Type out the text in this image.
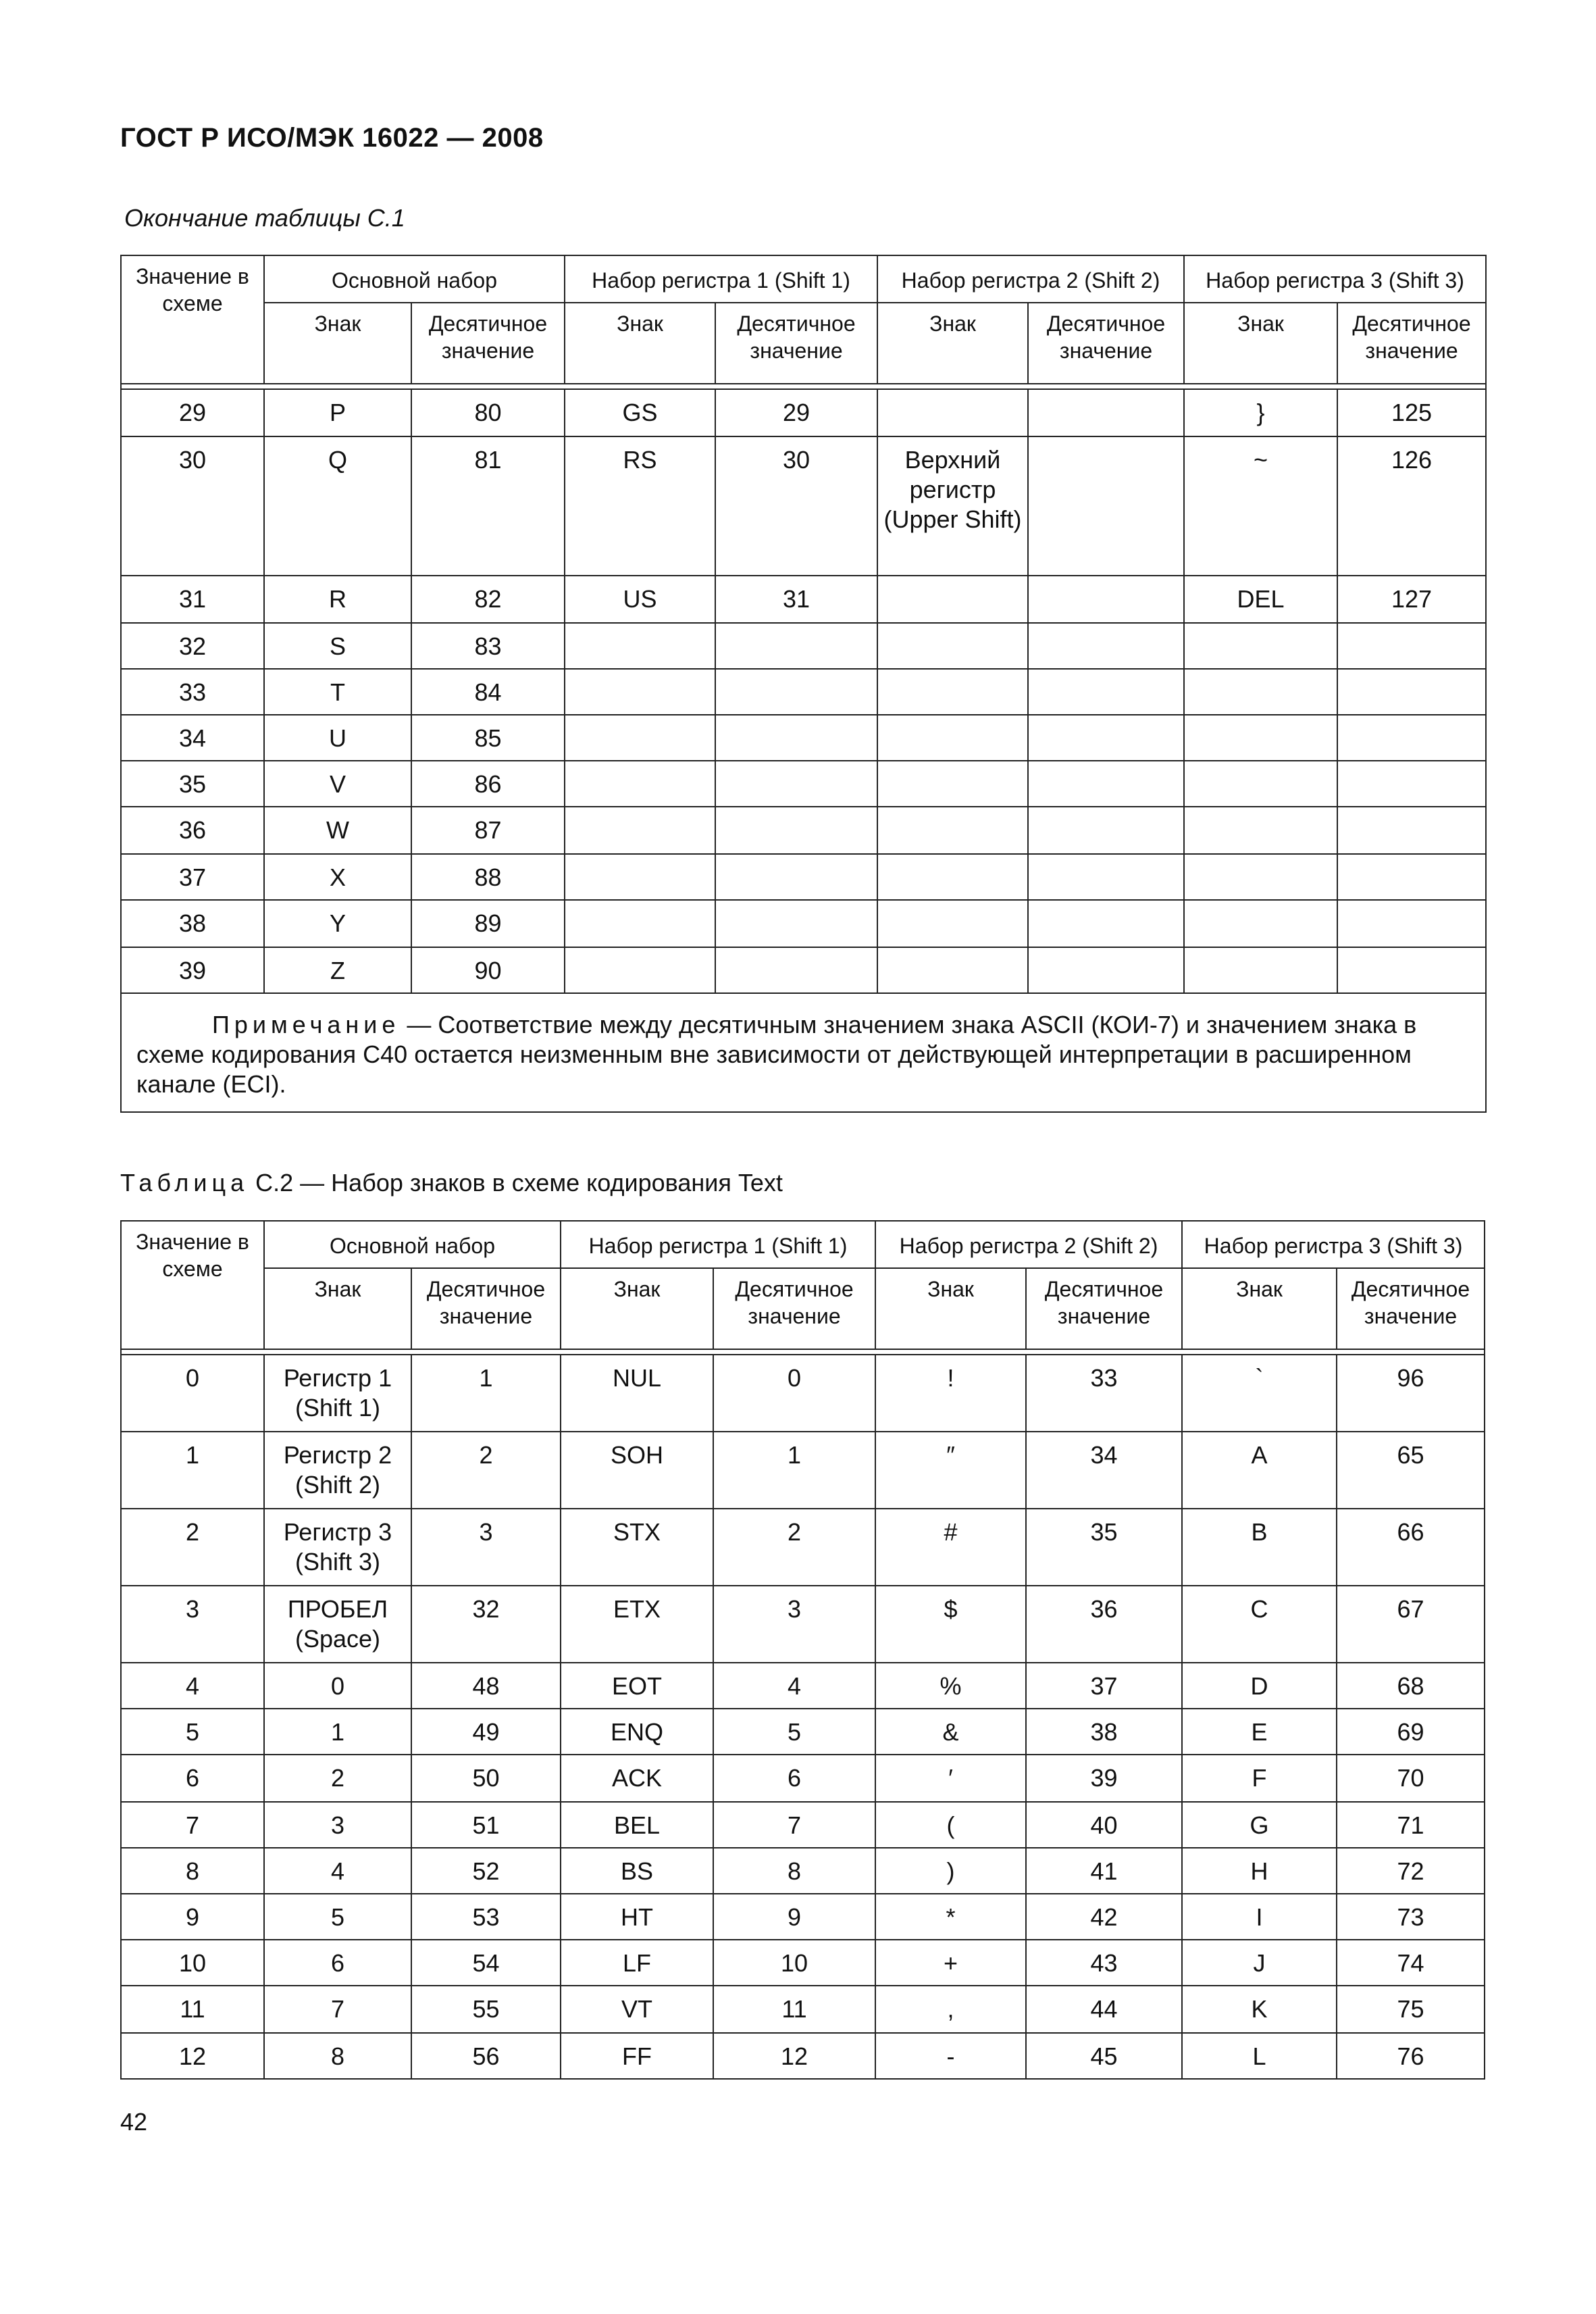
ГОСТ Р ИСО/МЭК 16022 — 2008
Окончание таблицы С.1
Значение в схеме	Основной набор		Набор регистра 1 (Shift 1)		Набор регистра 2 (Shift 2)		Набор регистра 3 (Shift 3)	
	Знак	Десятичное значение	Знак	Десятичное значение	Знак	Десятичное значение	Знак	Десятичное значение

29	P	80	GS	29			}	125
30	Q	81	RS	30	Верхний регистр (Upper Shift)		~	126
31	R	82	US	31			DEL	127
32	S	83						
33	T	84						
34	U	85						
35	V	86						
36	W	87						
37	X	88						
38	Y	89						
39	Z	90						
Примечание — Соответствие между десятичным значением знака ASCII (КОИ-7) и значением знака в схеме кодирования С40 остается неизменным вне зависимости от действующей интерпретации в расширенном канале (ECI).								
Таблица С.2 — Набор знаков в схеме кодирования Text
Значение в схеме	Основной набор		Набор регистра 1 (Shift 1)		Набор регистра 2 (Shift 2)		Набор регистра 3 (Shift 3)	
	Знак	Десятичное значение	Знак	Десятичное значение	Знак	Десятичное значение	Знак	Десятичное значение

0	Регистр 1 (Shift 1)	1	NUL	0	!	33	`	96
1	Регистр 2 (Shift 2)	2	SOH	1	″	34	A	65
2	Регистр 3 (Shift 3)	3	STX	2	#	35	B	66
3	ПРОБЕЛ (Space)	32	ETX	3	$	36	C	67
4	0	48	EOT	4	%	37	D	68
5	1	49	ENQ	5	&	38	E	69
6	2	50	ACK	6	′	39	F	70
7	3	51	BEL	7	(	40	G	71
8	4	52	BS	8	)	41	H	72
9	5	53	HT	9	*	42	I	73
10	6	54	LF	10	+	43	J	74
11	7	55	VT	11	,	44	K	75
12	8	56	FF	12	-	45	L	76
42
